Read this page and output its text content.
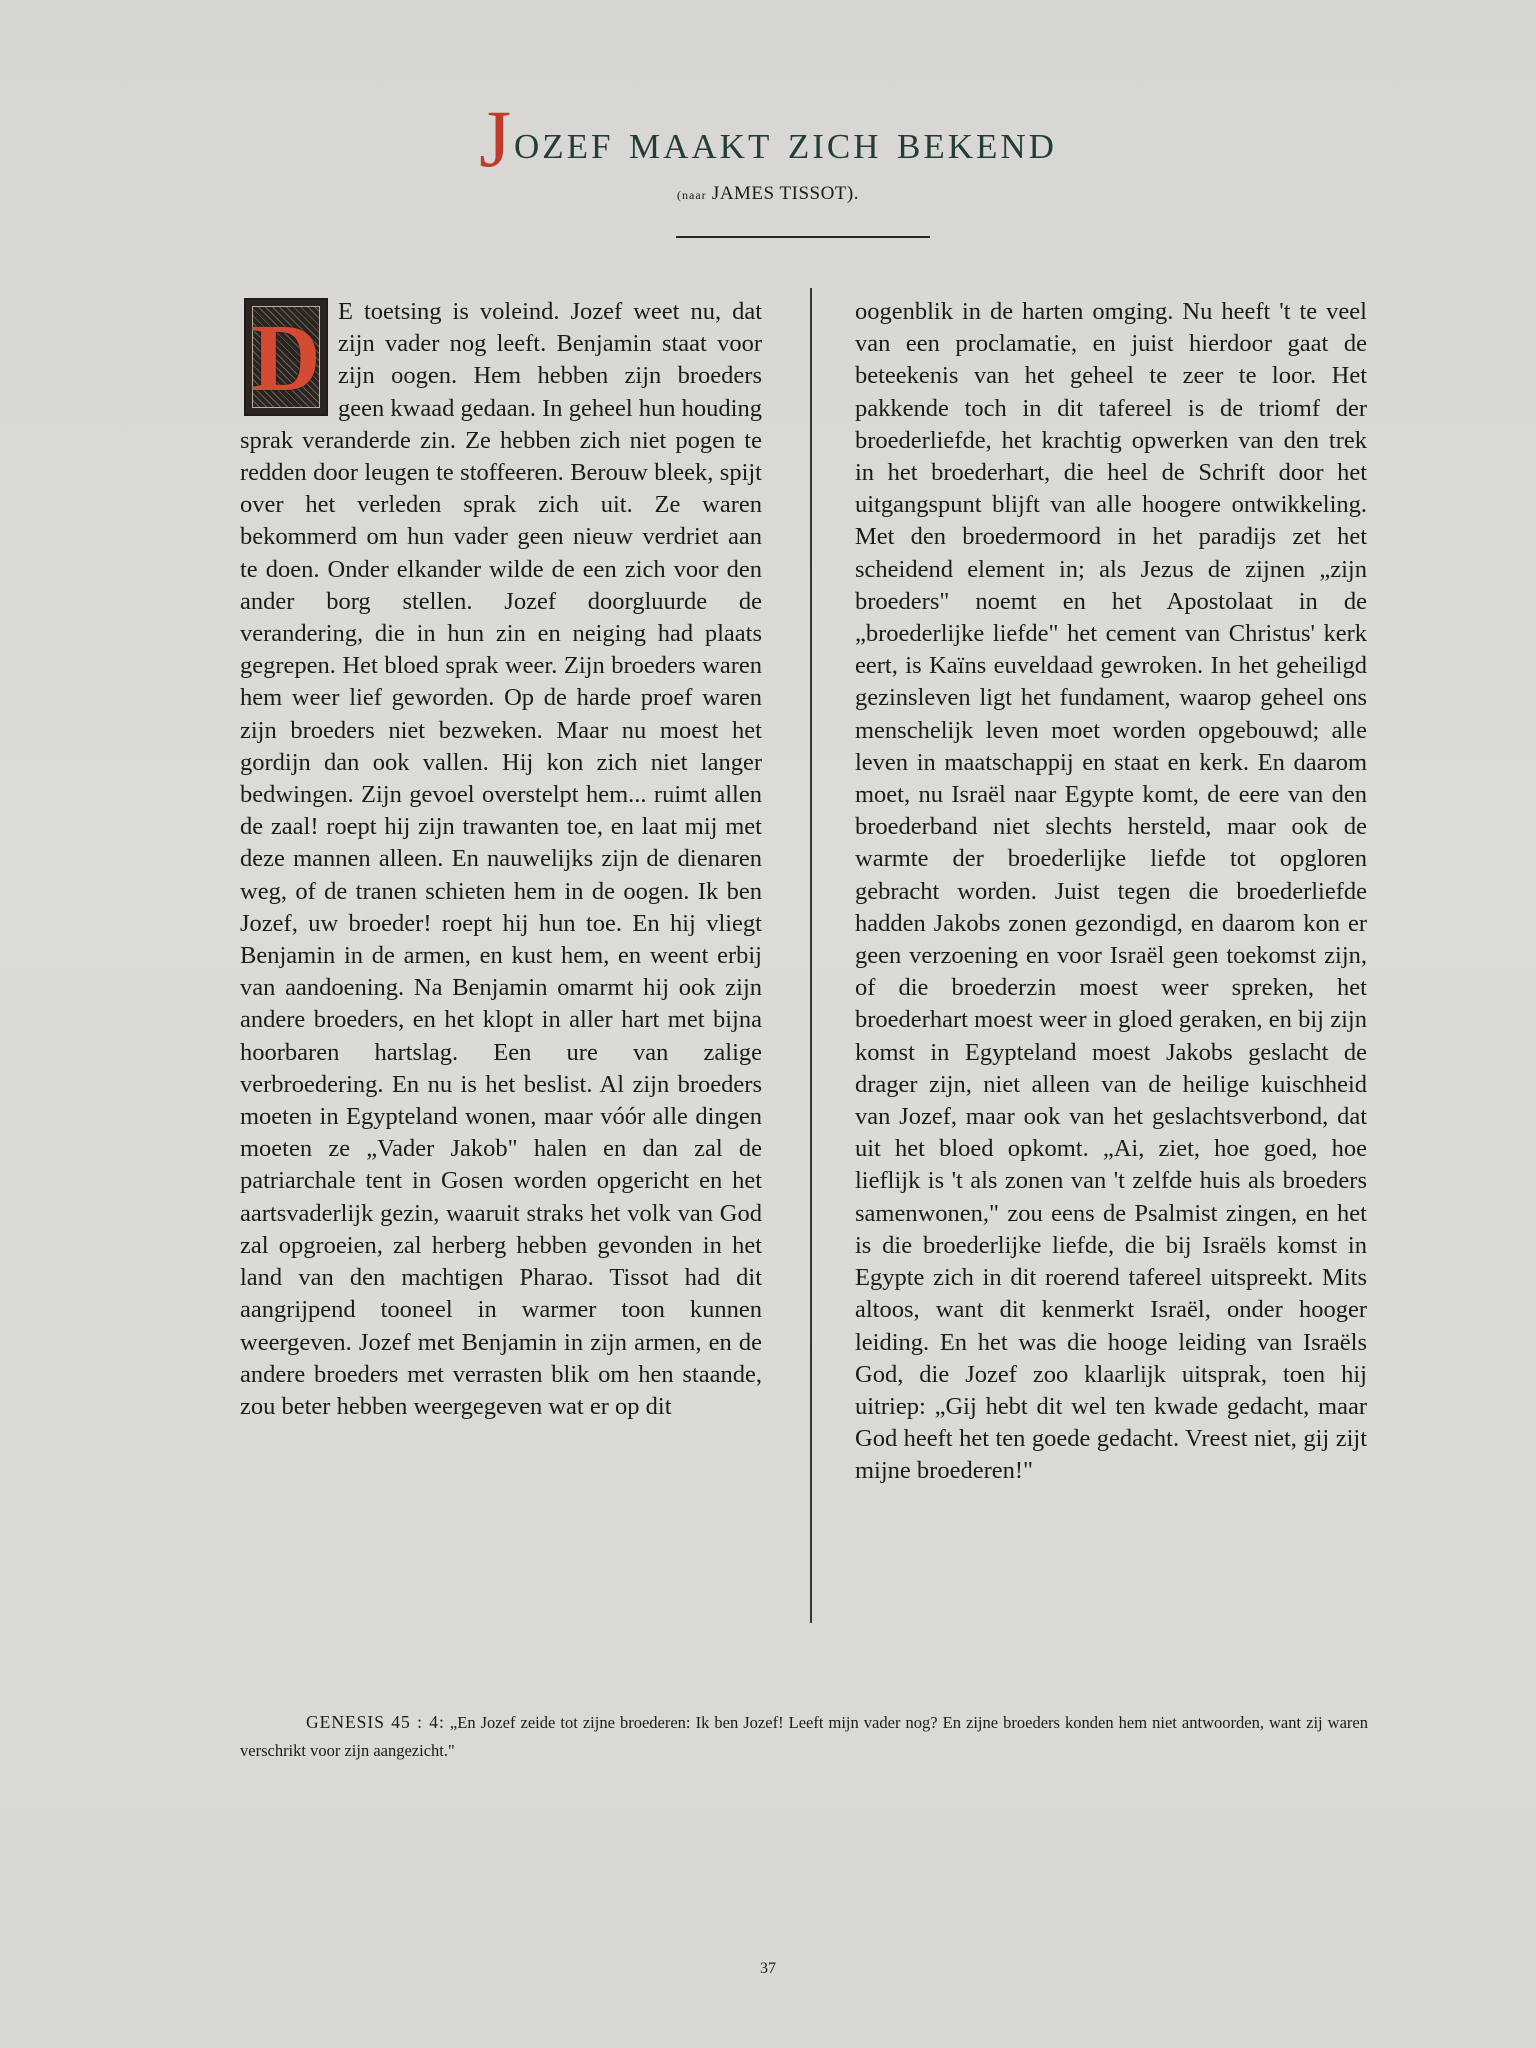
Jozef maakt zich bekend
(naar JAMES TISSOT).
D E toetsing is voleind. Jozef weet nu, dat zijn vader nog leeft. Benjamin staat voor zijn oogen. Hem hebben zijn broeders geen kwaad gedaan. In geheel hun houding sprak veranderde zin. Ze hebben zich niet pogen te redden door leugen te stoffeeren. Berouw bleek, spijt over het verleden sprak zich uit. Ze waren bekommerd om hun vader geen nieuw verdriet aan te doen. Onder elkander wilde de een zich voor den ander borg stellen. Jozef doorgluurde de verandering, die in hun zin en neiging had plaats gegrepen. Het bloed sprak weer. Zijn broeders waren hem weer lief geworden. Op de harde proef waren zijn broeders niet bezweken. Maar nu moest het gordijn dan ook vallen. Hij kon zich niet langer bedwingen. Zijn gevoel overstelpt hem... ruimt allen de zaal! roept hij zijn trawanten toe, en laat mij met deze mannen alleen. En nauwelijks zijn de dienaren weg, of de tranen schieten hem in de oogen. Ik ben Jozef, uw broeder! roept hij hun toe. En hij vliegt Benjamin in de armen, en kust hem, en weent erbij van aandoening. Na Benjamin omarmt hij ook zijn andere broeders, en het klopt in aller hart met bijna hoorbaren hartslag. Een ure van zalige verbroedering. En nu is het beslist. Al zijn broeders moeten in Egypteland wonen, maar vóór alle dingen moeten ze „Vader Jakob" halen en dan zal de patriarchale tent in Gosen worden opgericht en het aartsvaderlijk gezin, waaruit straks het volk van God zal opgroeien, zal herberg hebben gevonden in het land van den machtigen Pharao. Tissot had dit aangrijpend tooneel in warmer toon kunnen weergeven. Jozef met Benjamin in zijn armen, en de andere broeders met verrasten blik om hen staande, zou beter hebben weergegeven wat er op dit
oogenblik in de harten omging. Nu heeft 't te veel van een proclamatie, en juist hierdoor gaat de beteekenis van het geheel te zeer te loor. Het pakkende toch in dit tafereel is de triomf der broederliefde, het krachtig opwerken van den trek in het broederhart, die heel de Schrift door het uitgangspunt blijft van alle hoogere ontwikkeling. Met den broedermoord in het paradijs zet het scheidend element in; als Jezus de zijnen „zijn broeders" noemt en het Apostolaat in de „broederlijke liefde" het cement van Christus' kerk eert, is Kaïns euveldaad gewroken. In het geheiligd gezinsleven ligt het fundament, waarop geheel ons menschelijk leven moet worden opgebouwd; alle leven in maatschappij en staat en kerk. En daarom moet, nu Israël naar Egypte komt, de eere van den broederband niet slechts hersteld, maar ook de warmte der broederlijke liefde tot opgloren gebracht worden. Juist tegen die broederliefde hadden Jakobs zonen gezondigd, en daarom kon er geen verzoening en voor Israël geen toekomst zijn, of die broederzin moest weer spreken, het broederhart moest weer in gloed geraken, en bij zijn komst in Egypteland moest Jakobs geslacht de drager zijn, niet alleen van de heilige kuischheid van Jozef, maar ook van het geslachtsverbond, dat uit het bloed opkomt. „Ai, ziet, hoe goed, hoe lieflijk is 't als zonen van 't zelfde huis als broeders samenwonen," zou eens de Psalmist zingen, en het is die broederlijke liefde, die bij Israëls komst in Egypte zich in dit roerend tafereel uitspreekt. Mits altoos, want dit kenmerkt Israël, onder hooger leiding. En het was die hooge leiding van Israëls God, die Jozef zoo klaarlijk uitsprak, toen hij uitriep: „Gij hebt dit wel ten kwade gedacht, maar God heeft het ten goede gedacht. Vreest niet, gij zijt mijne broederen!"
GENESIS 45 : 4: „En Jozef zeide tot zijne broederen: Ik ben Jozef! Leeft mijn vader nog? En zijne broeders konden hem niet antwoorden, want zij waren verschrikt voor zijn aangezicht."
37
